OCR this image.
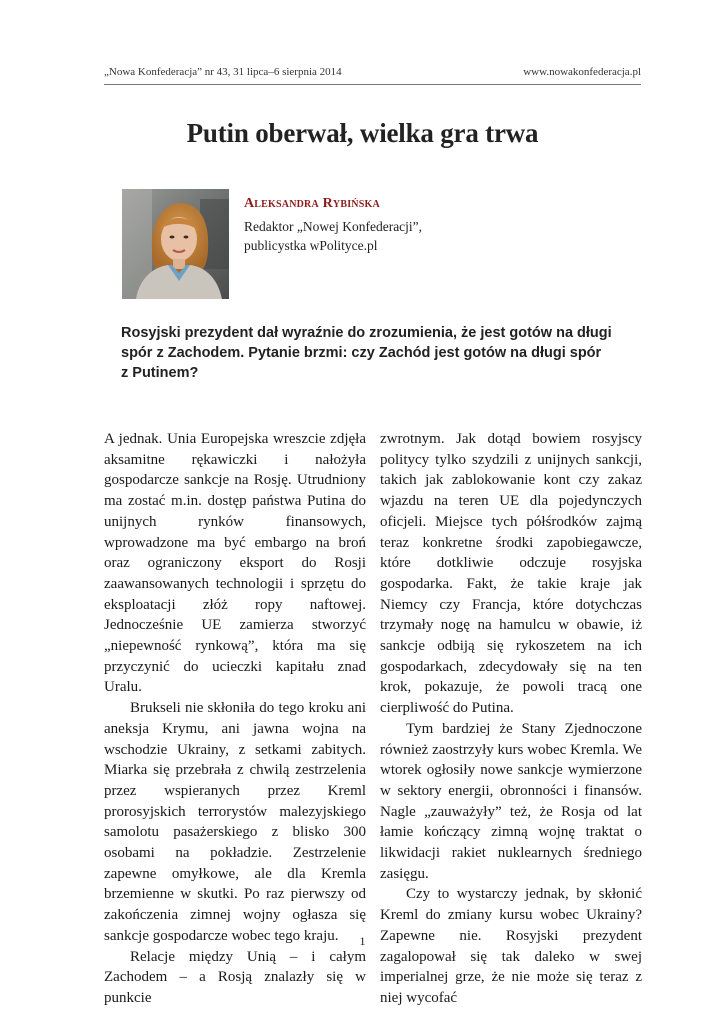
„Nowa Konfederacja” nr 43, 31 lipca–6 sierpnia 2014	www.nowakonfederacja.pl
Putin oberwał, wielka gra trwa
Aleksandra Rybińska
Redaktor „Nowej Konfederacji”,
publicystka wPolityce.pl

Rosyjski prezydent dał wyraźnie do zrozumienia, że jest gotów na długi

spór z Zachodem. Pytanie brzmi: czy Zachód jest gotów na długi spór

z Putinem?

A jednak. Unia Europejska wreszcie zdjęła aksamitne rękawiczki i nałożyła gospodarcze sankcje na Rosję. Utrudniony ma zostać m.in. dostęp państwa Putina do unijnych rynków finansowych, wprowadzone ma być embargo na broń oraz ograniczony eksport do Rosji zaawansowanych technologii i sprzętu do eksploatacji złóż ropy naftowej. Jednocześnie UE zamierza stworzyć „niepewność rynkową”, która ma się przyczynić do ucieczki kapitału znad Uralu.

Brukseli nie skłoniła do tego kroku ani aneksja Krymu, ani jawna wojna na wschodzie Ukrainy, z setkami zabitych. Miarka się przebrała z chwilą zestrzelenia przez wspieranych przez Kreml prorosyjskich terrorystów malezyjskiego samolotu pasażerskiego z blisko 300 osobami na pokładzie. Zestrzelenie zapewne omyłkowe, ale dla Kremla brzemienne w skutki. Po raz pierwszy od zakończenia zimnej wojny ogłasza się sankcje gospodarcze wobec tego kraju.

Relacje między Unią – i całym Zachodem – a Rosją znalazły się w punkcie

zwrotnym. Jak dotąd bowiem rosyjscy politycy tylko szydzili z unijnych sankcji, takich jak zablokowanie kont czy zakaz wjazdu na teren UE dla pojedynczych oficjeli. Miejsce tych półśrodków zajmą teraz konkretne środki zapobiegawcze, które dotkliwie odczuje rosyjska gospodarka. Fakt, że takie kraje jak Niemcy czy Francja, które dotychczas trzymały nogę na hamulcu w obawie, iż sankcje odbiją się rykoszetem na ich gospodarkach, zdecydowały się na ten krok, pokazuje, że powoli tracą one cierpliwość do Putina.

Tym bardziej że Stany Zjednoczone również zaostrzyły kurs wobec Kremla. We wtorek ogłosiły nowe sankcje wymierzone w sektory energii, obronności i finansów. Nagle „zauważyły” też, że Rosja od lat łamie kończący zimną wojnę traktat o likwidacji rakiet nuklearnych średniego zasięgu.

Czy to wystarczy jednak, by skłonić Kreml do zmiany kursu wobec Ukrainy? Zapewne nie. Rosyjski prezydent zagalopował się tak daleko w swej imperialnej grze, że nie może się teraz z niej wycofać

1
